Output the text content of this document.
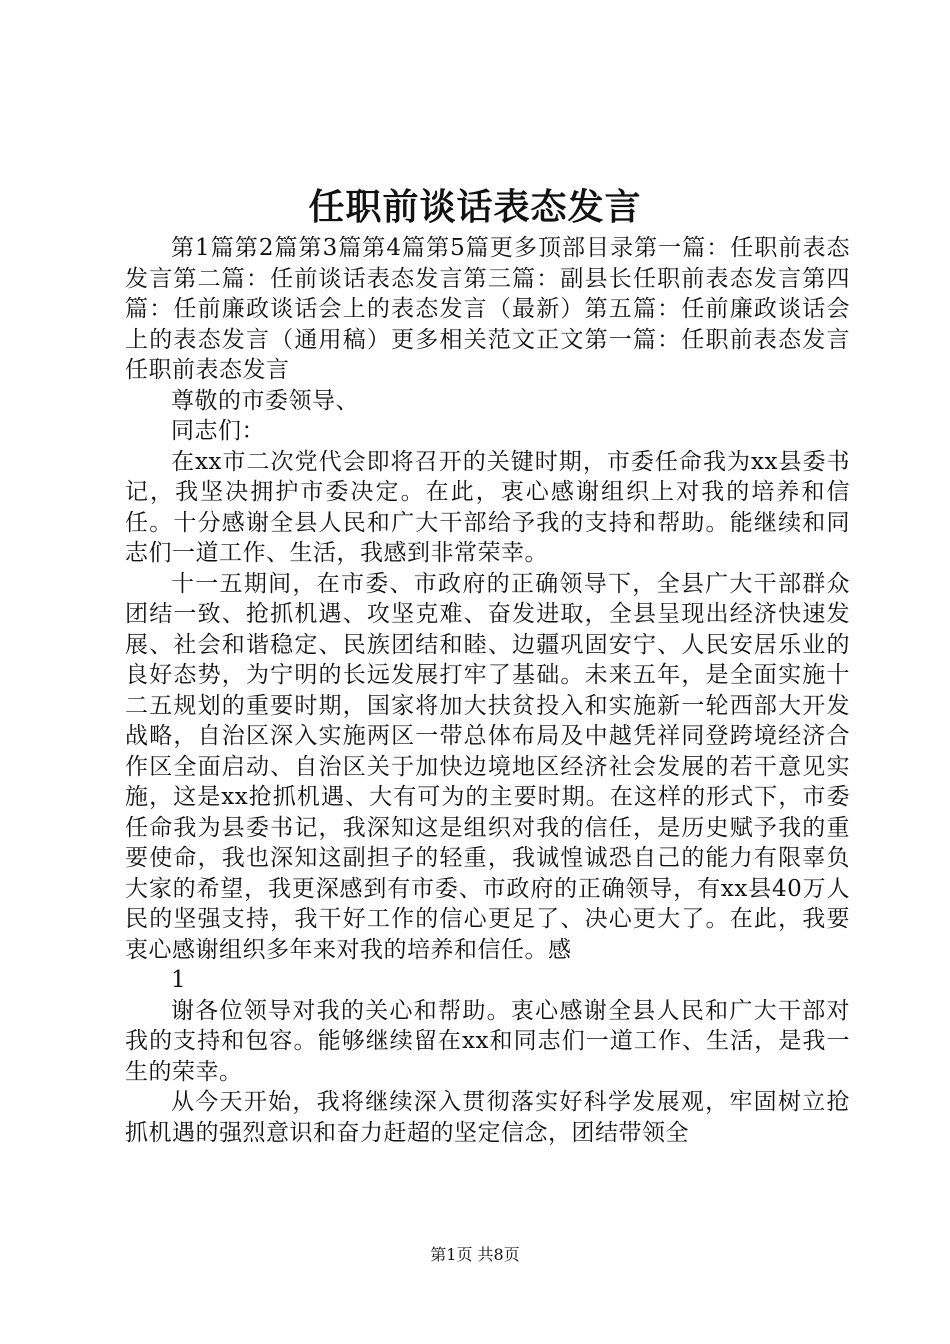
任职前谈话表态发言

第1篇第2篇第3篇第4篇第5篇更多顶部目录第一篇：任职前表态发言第二篇：任前谈话表态发言第三篇：副县长任职前表态发言第四篇：任前廉政谈话会上的表态发言（最新）第五篇：任前廉政谈话会上的表态发言（通用稿）更多相关范文正文第一篇：任职前表态发言任职前表态发言

尊敬的市委领导、

同志们：

在xx市二次党代会即将召开的关键时期，市委任命我为xx县委书记，我坚决拥护市委决定。在此，衷心感谢组织上对我的培养和信任。十分感谢全县人民和广大干部给予我的支持和帮助。能继续和同志们一道工作、生活，我感到非常荣幸。

十一五期间，在市委、市政府的正确领导下，全县广大干部群众团结一致、抢抓机遇、攻坚克难、奋发进取，全县呈现出经济快速发展、社会和谐稳定、民族团结和睦、边疆巩固安宁、人民安居乐业的良好态势，为宁明的长远发展打牢了基础。未来五年，是全面实施十二五规划的重要时期，国家将加大扶贫投入和实施新一轮西部大开发战略，自治区深入实施两区一带总体布局及中越凭祥同登跨境经济合作区全面启动、自治区关于加快边境地区经济社会发展的若干意见实施，这是xx抢抓机遇、大有可为的主要时期。在这样的形式下，市委任命我为县委书记，我深知这是组织对我的信任，是历史赋予我的重要使命，我也深知这副担子的轻重，我诚惶诚恐自己的能力有限辜负大家的希望，我更深感到有市委、市政府的正确领导，有xx县40万人民的坚强支持，我干好工作的信心更足了、决心更大了。在此，我要衷心感谢组织多年来对我的培养和信任。感

1

谢各位领导对我的关心和帮助。衷心感谢全县人民和广大干部对我的支持和包容。能够继续留在xx和同志们一道工作、生活，是我一生的荣幸。

从今天开始，我将继续深入贯彻落实好科学发展观，牢固树立抢抓机遇的强烈意识和奋力赶超的坚定信念，团结带领全

第1页 共8页
